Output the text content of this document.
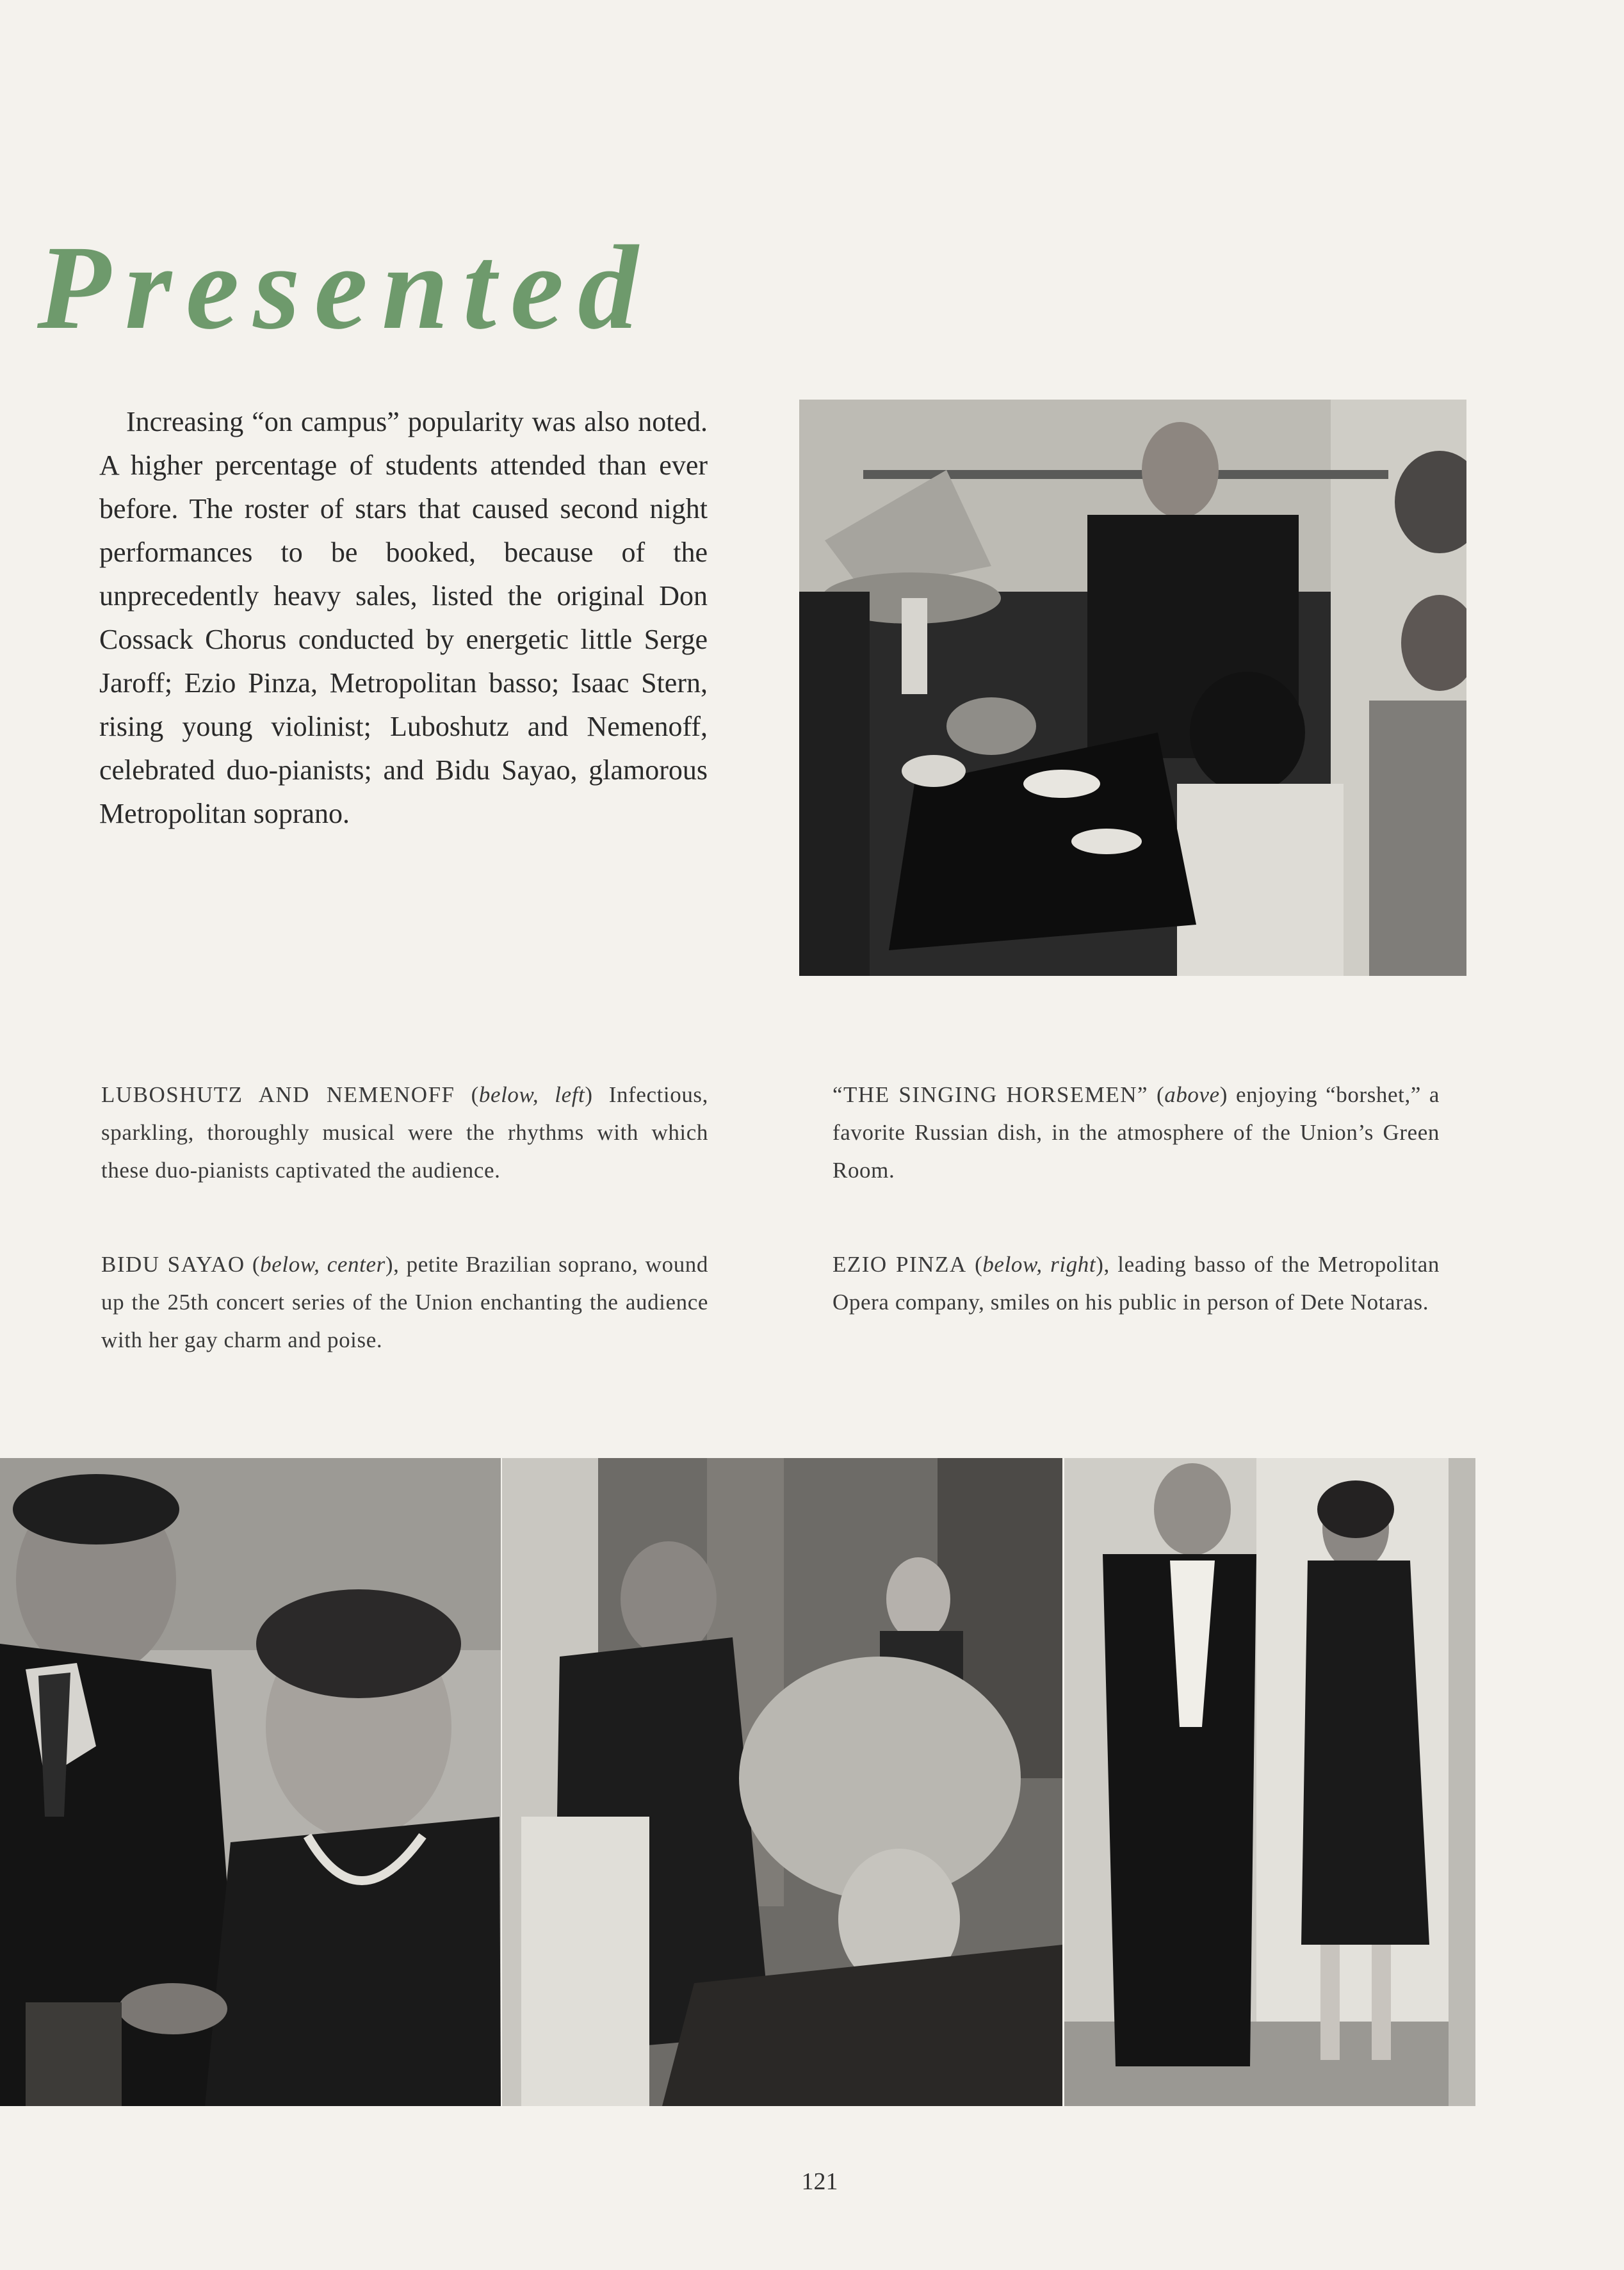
Presented

Increasing “on campus” popularity was also noted. A higher percentage of students attended than ever before. The roster of stars that caused second night performances to be booked, because of the unprecedently heavy sales, listed the original Don Cossack Chorus conducted by energetic little Serge Jaroff; Ezio Pinza, Metropolitan basso; Isaac Stern, rising young violinist; Luboshutz and Nemenoff, celebrated duo-pianists; and Bidu Sayao, glamorous Metropolitan soprano.

LUBOSHUTZ AND NEMENOFF (below, left) Infectious, sparkling, thoroughly musical were the rhythms with which these duo-pianists captivated the audience.

“THE SINGING HORSEMEN” (above) enjoying “borshet,” a favorite Russian dish, in the atmosphere of the Union’s Green Room.

BIDU SAYAO (below, center), petite Brazilian soprano, wound up the 25th concert series of the Union enchanting the audience with her gay charm and poise.

EZIO PINZA (below, right), leading basso of the Metropolitan Opera company, smiles on his public in person of Dete Notaras.

121
